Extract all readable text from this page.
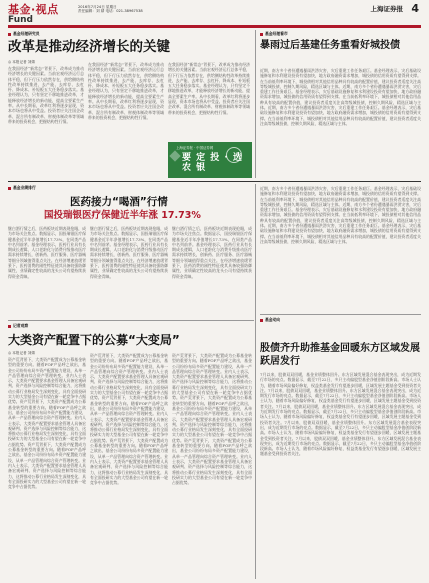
基金·视点
Fund
2016年7月24日 星期日
责任编辑：刘 婧 电话：021-38967538	上海证券报 4
基金经理研究员
改革是推动经济增长的关键
◎ 本报记者 刘婧
在我国经济“新常态”背景下，改革成为推动经济增长的关键因素。当前宏观经济运行总体平稳，但下行压力依然存在，供给侧结构性改革持续推进，去产能、去库存、去杠杆、降成本、补短板五大任务稳步落实。基金经理认为，只有坚定不移地推进改革，才能释放经济增长的新动能，提高全要素生产率。从中长期看，改革红利将逐步显现，资本市场也将从中受益。投资者应关注国企改革、混合所有制改革、财税体制改革等领域带来的投资机会，把握结构性行情。
在我国经济“新常态”背景下，改革成为推动经济增长的关键因素。当前宏观经济运行总体平稳，但下行压力依然存在，供给侧结构性改革持续推进，去产能、去库存、去杠杆、降成本、补短板五大任务稳步落实。基金经理认为，只有坚定不移地推进改革，才能释放经济增长的新动能，提高全要素生产率。从中长期看，改革红利将逐步显现，资本市场也将从中受益。投资者应关注国企改革、混合所有制改革、财税体制改革等领域带来的投资机会，把握结构性行情。
在我国经济“新常态”背景下，改革成为推动经济增长的关键因素。当前宏观经济运行总体平稳，但下行压力依然存在，供给侧结构性改革持续推进，去产能、去库存、去杠杆、降成本、补短板五大任务稳步落实。基金经理认为，只有坚定不移地推进改革，才能释放经济增长的新动能，提高全要素生产率。从中长期看，改革红利将逐步显现，资本市场也将从中受益。投资者应关注国企改革、混合所有制改革、财税体制改革等领域带来的投资机会，把握结构性行情。
上海证券报 · 中国证券网
要 定 投 · 选 农 银
基金经理看市
暴雨过后基建任务重看好城投债
近期，南方多个省份遭遇暴雨洪涝灾害，灾后重建工作任务艰巨。基金经理表示，灾后基础设施修复和水利建设投资有望加快，地方政府融资需求增加，城投债的信用资质有望得到支撑。在当前低利率环境下，城投债相对其他信用品种具有较高的配置价值，建议投资者适度关注高等级城投债，控制久期风险，精选区域与主体。近期，南方多个省份遭遇暴雨洪涝灾害，灾后重建工作任务艰巨。基金经理表示，灾后基础设施修复和水利建设投资有望加快，地方政府融资需求增加，城投债的信用资质有望得到支撑。在当前低利率环境下，城投债相对其他信用品种具有较高的配置价值，建议投资者适度关注高等级城投债，控制久期风险，精选区域与主体。近期，南方多个省份遭遇暴雨洪涝灾害，灾后重建工作任务艰巨。基金经理表示，灾后基础设施修复和水利建设投资有望加快，地方政府融资需求增加，城投债的信用资质有望得到支撑。在当前低利率环境下，城投债相对其他信用品种具有较高的配置价值，建议投资者适度关注高等级城投债，控制久期风险，精选区域与主体。
基金业绩排行
医药接力“喝酒”行情
国投瑞银医疗保健近半年涨 17.73%
继白酒行情之后，医药板块近期表现抢眼，成为市场关注焦点。数据显示，国投瑞银医疗保健基金近半年净值增长17.73%，在同类产品中名列前茅。基金经理表示，医药行业具有长期成长逻辑，人口老龄化与消费升级推动医疗需求持续增长，创新药、医疗服务、医疗器械等细分领域值得重点关注。在经济增速放缓背景下，医药消费的刚性特征使其具备较强防御属性，业绩确定性较高的龙头公司有望持续获得资金青睐。
继白酒行情之后，医药板块近期表现抢眼，成为市场关注焦点。数据显示，国投瑞银医疗保健基金近半年净值增长17.73%，在同类产品中名列前茅。基金经理表示，医药行业具有长期成长逻辑，人口老龄化与消费升级推动医疗需求持续增长，创新药、医疗服务、医疗器械等细分领域值得重点关注。在经济增速放缓背景下，医药消费的刚性特征使其具备较强防御属性，业绩确定性较高的龙头公司有望持续获得资金青睐。
继白酒行情之后，医药板块近期表现抢眼，成为市场关注焦点。数据显示，国投瑞银医疗保健基金近半年净值增长17.73%，在同类产品中名列前茅。基金经理表示，医药行业具有长期成长逻辑，人口老龄化与消费升级推动医疗需求持续增长，创新药、医疗服务、医疗器械等细分领域值得重点关注。在经济增速放缓背景下，医药消费的刚性特征使其具备较强防御属性，业绩确定性较高的龙头公司有望持续获得资金青睐。
记者观察
大类资产配置下的公募“大变局”
◎ 本报记者 刘婧
资产荒背景下，大类资产配置成为公募基金转型的重要方向。随着FOF产品呼之欲出，基金公司纷纷布局多资产配置能力建设，从单一产品管理向综合资产管理转变。业内人士表示，大类资产配置要求基金管理人具备宏观研判、资产选择与风险控制等综合能力，这将推动公募行业格局发生深刻变化，具有全面投研实力的大型基金公司有望在新一轮竞争中占据优势。资产荒背景下，大类资产配置成为公募基金转型的重要方向。随着FOF产品呼之欲出，基金公司纷纷布局多资产配置能力建设，从单一产品管理向综合资产管理转变。业内人士表示，大类资产配置要求基金管理人具备宏观研判、资产选择与风险控制等综合能力，这将推动公募行业格局发生深刻变化，具有全面投研实力的大型基金公司有望在新一轮竞争中占据优势。资产荒背景下，大类资产配置成为公募基金转型的重要方向。随着FOF产品呼之欲出，基金公司纷纷布局多资产配置能力建设，从单一产品管理向综合资产管理转变。业内人士表示，大类资产配置要求基金管理人具备宏观研判、资产选择与风险控制等综合能力，这将推动公募行业格局发生深刻变化，具有全面投研实力的大型基金公司有望在新一轮竞争中占据优势。
资产荒背景下，大类资产配置成为公募基金转型的重要方向。随着FOF产品呼之欲出，基金公司纷纷布局多资产配置能力建设，从单一产品管理向综合资产管理转变。业内人士表示，大类资产配置要求基金管理人具备宏观研判、资产选择与风险控制等综合能力，这将推动公募行业格局发生深刻变化，具有全面投研实力的大型基金公司有望在新一轮竞争中占据优势。资产荒背景下，大类资产配置成为公募基金转型的重要方向。随着FOF产品呼之欲出，基金公司纷纷布局多资产配置能力建设，从单一产品管理向综合资产管理转变。业内人士表示，大类资产配置要求基金管理人具备宏观研判、资产选择与风险控制等综合能力，这将推动公募行业格局发生深刻变化，具有全面投研实力的大型基金公司有望在新一轮竞争中占据优势。资产荒背景下，大类资产配置成为公募基金转型的重要方向。随着FOF产品呼之欲出，基金公司纷纷布局多资产配置能力建设，从单一产品管理向综合资产管理转变。业内人士表示，大类资产配置要求基金管理人具备宏观研判、资产选择与风险控制等综合能力，这将推动公募行业格局发生深刻变化，具有全面投研实力的大型基金公司有望在新一轮竞争中占据优势。
资产荒背景下，大类资产配置成为公募基金转型的重要方向。随着FOF产品呼之欲出，基金公司纷纷布局多资产配置能力建设，从单一产品管理向综合资产管理转变。业内人士表示，大类资产配置要求基金管理人具备宏观研判、资产选择与风险控制等综合能力，这将推动公募行业格局发生深刻变化，具有全面投研实力的大型基金公司有望在新一轮竞争中占据优势。资产荒背景下，大类资产配置成为公募基金转型的重要方向。随着FOF产品呼之欲出，基金公司纷纷布局多资产配置能力建设，从单一产品管理向综合资产管理转变。业内人士表示，大类资产配置要求基金管理人具备宏观研判、资产选择与风险控制等综合能力，这将推动公募行业格局发生深刻变化，具有全面投研实力的大型基金公司有望在新一轮竞争中占据优势。资产荒背景下，大类资产配置成为公募基金转型的重要方向。随着FOF产品呼之欲出，基金公司纷纷布局多资产配置能力建设，从单一产品管理向综合资产管理转变。业内人士表示，大类资产配置要求基金管理人具备宏观研判、资产选择与风险控制等综合能力，这将推动公募行业格局发生深刻变化，具有全面投研实力的大型基金公司有望在新一轮竞争中占据优势。
近期，南方多个省份遭遇暴雨洪涝灾害，灾后重建工作任务艰巨。基金经理表示，灾后基础设施修复和水利建设投资有望加快，地方政府融资需求增加，城投债的信用资质有望得到支撑。在当前低利率环境下，城投债相对其他信用品种具有较高的配置价值，建议投资者适度关注高等级城投债，控制久期风险，精选区域与主体。近期，南方多个省份遭遇暴雨洪涝灾害，灾后重建工作任务艰巨。基金经理表示，灾后基础设施修复和水利建设投资有望加快，地方政府融资需求增加，城投债的信用资质有望得到支撑。在当前低利率环境下，城投债相对其他信用品种具有较高的配置价值，建议投资者适度关注高等级城投债，控制久期风险，精选区域与主体。近期，南方多个省份遭遇暴雨洪涝灾害，灾后重建工作任务艰巨。基金经理表示，灾后基础设施修复和水利建设投资有望加快，地方政府融资需求增加，城投债的信用资质有望得到支撑。在当前低利率环境下，城投债相对其他信用品种具有较高的配置价值，建议投资者适度关注高等级城投债，控制久期风险，精选区域与主体。
基金动向
股债齐升助推基金回暖东方区域发展跃居发行
7月以来，股债双双回暖，基金业绩整体回升。东方区域发展混合基金表现突出，成为近期发行市场的亮点。数据显示，截至7月22日，多只主动偏股型基金净值创阶段新高。市场人士认为，随着市场风险偏好修复，权益类基金发行有望逐步回暖，区域发展主题基金受到投资者关注。7月以来，股债双双回暖，基金业绩整体回升。东方区域发展混合基金表现突出，成为近期发行市场的亮点。数据显示，截至7月22日，多只主动偏股型基金净值创阶段新高。市场人士认为，随着市场风险偏好修复，权益类基金发行有望逐步回暖，区域发展主题基金受到投资者关注。7月以来，股债双双回暖，基金业绩整体回升。东方区域发展混合基金表现突出，成为近期发行市场的亮点。数据显示，截至7月22日，多只主动偏股型基金净值创阶段新高。市场人士认为，随着市场风险偏好修复，权益类基金发行有望逐步回暖，区域发展主题基金受到投资者关注。7月以来，股债双双回暖，基金业绩整体回升。东方区域发展混合基金表现突出，成为近期发行市场的亮点。数据显示，截至7月22日，多只主动偏股型基金净值创阶段新高。市场人士认为，随着市场风险偏好修复，权益类基金发行有望逐步回暖，区域发展主题基金受到投资者关注。7月以来，股债双双回暖，基金业绩整体回升。东方区域发展混合基金表现突出，成为近期发行市场的亮点。数据显示，截至7月22日，多只主动偏股型基金净值创阶段新高。市场人士认为，随着市场风险偏好修复，权益类基金发行有望逐步回暖，区域发展主题基金受到投资者关注。
